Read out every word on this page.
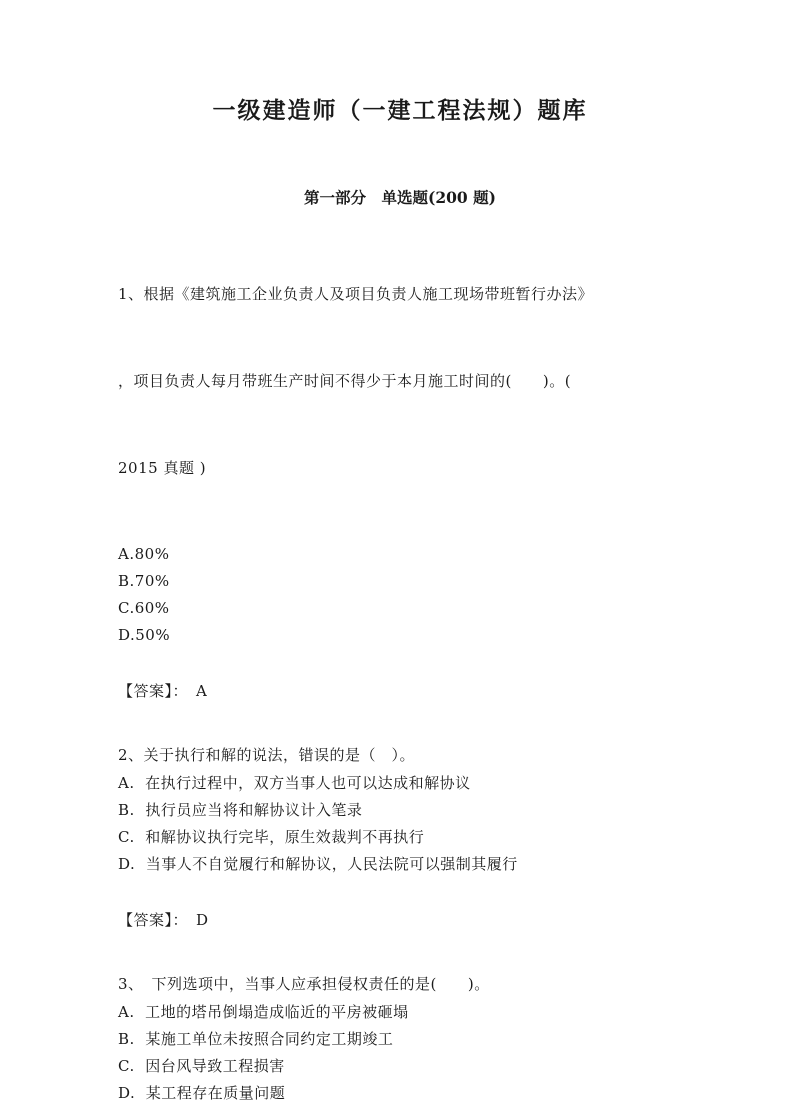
一级建造师（一建工程法规）题库
第一部分　单选题(200 题)

1、根据《建筑施工企业负责人及项目负责人施工现场带班暂行办法》

，项目负责人每月带班生产时间不得少于本月施工时间的(　　)。(

2015 真题 )

A.80%

B.70%

C.60%

D.50%

【答案】： A

2、关于执行和解的说法，错误的是（　）。

A.  在执行过程中，双方当事人也可以达成和解协议

B.  执行员应当将和解协议计入笔录

C.  和解协议执行完毕，原生效裁判不再执行

D.  当事人不自觉履行和解协议，人民法院可以强制其履行

【答案】： D

3、　下列选项中，当事人应承担侵权责任的是(　　)。

A.  工地的塔吊倒塌造成临近的平房被砸塌

B.  某施工单位未按照合同约定工期竣工

C.  因台风导致工程损害

D.  某工程存在质量问题
